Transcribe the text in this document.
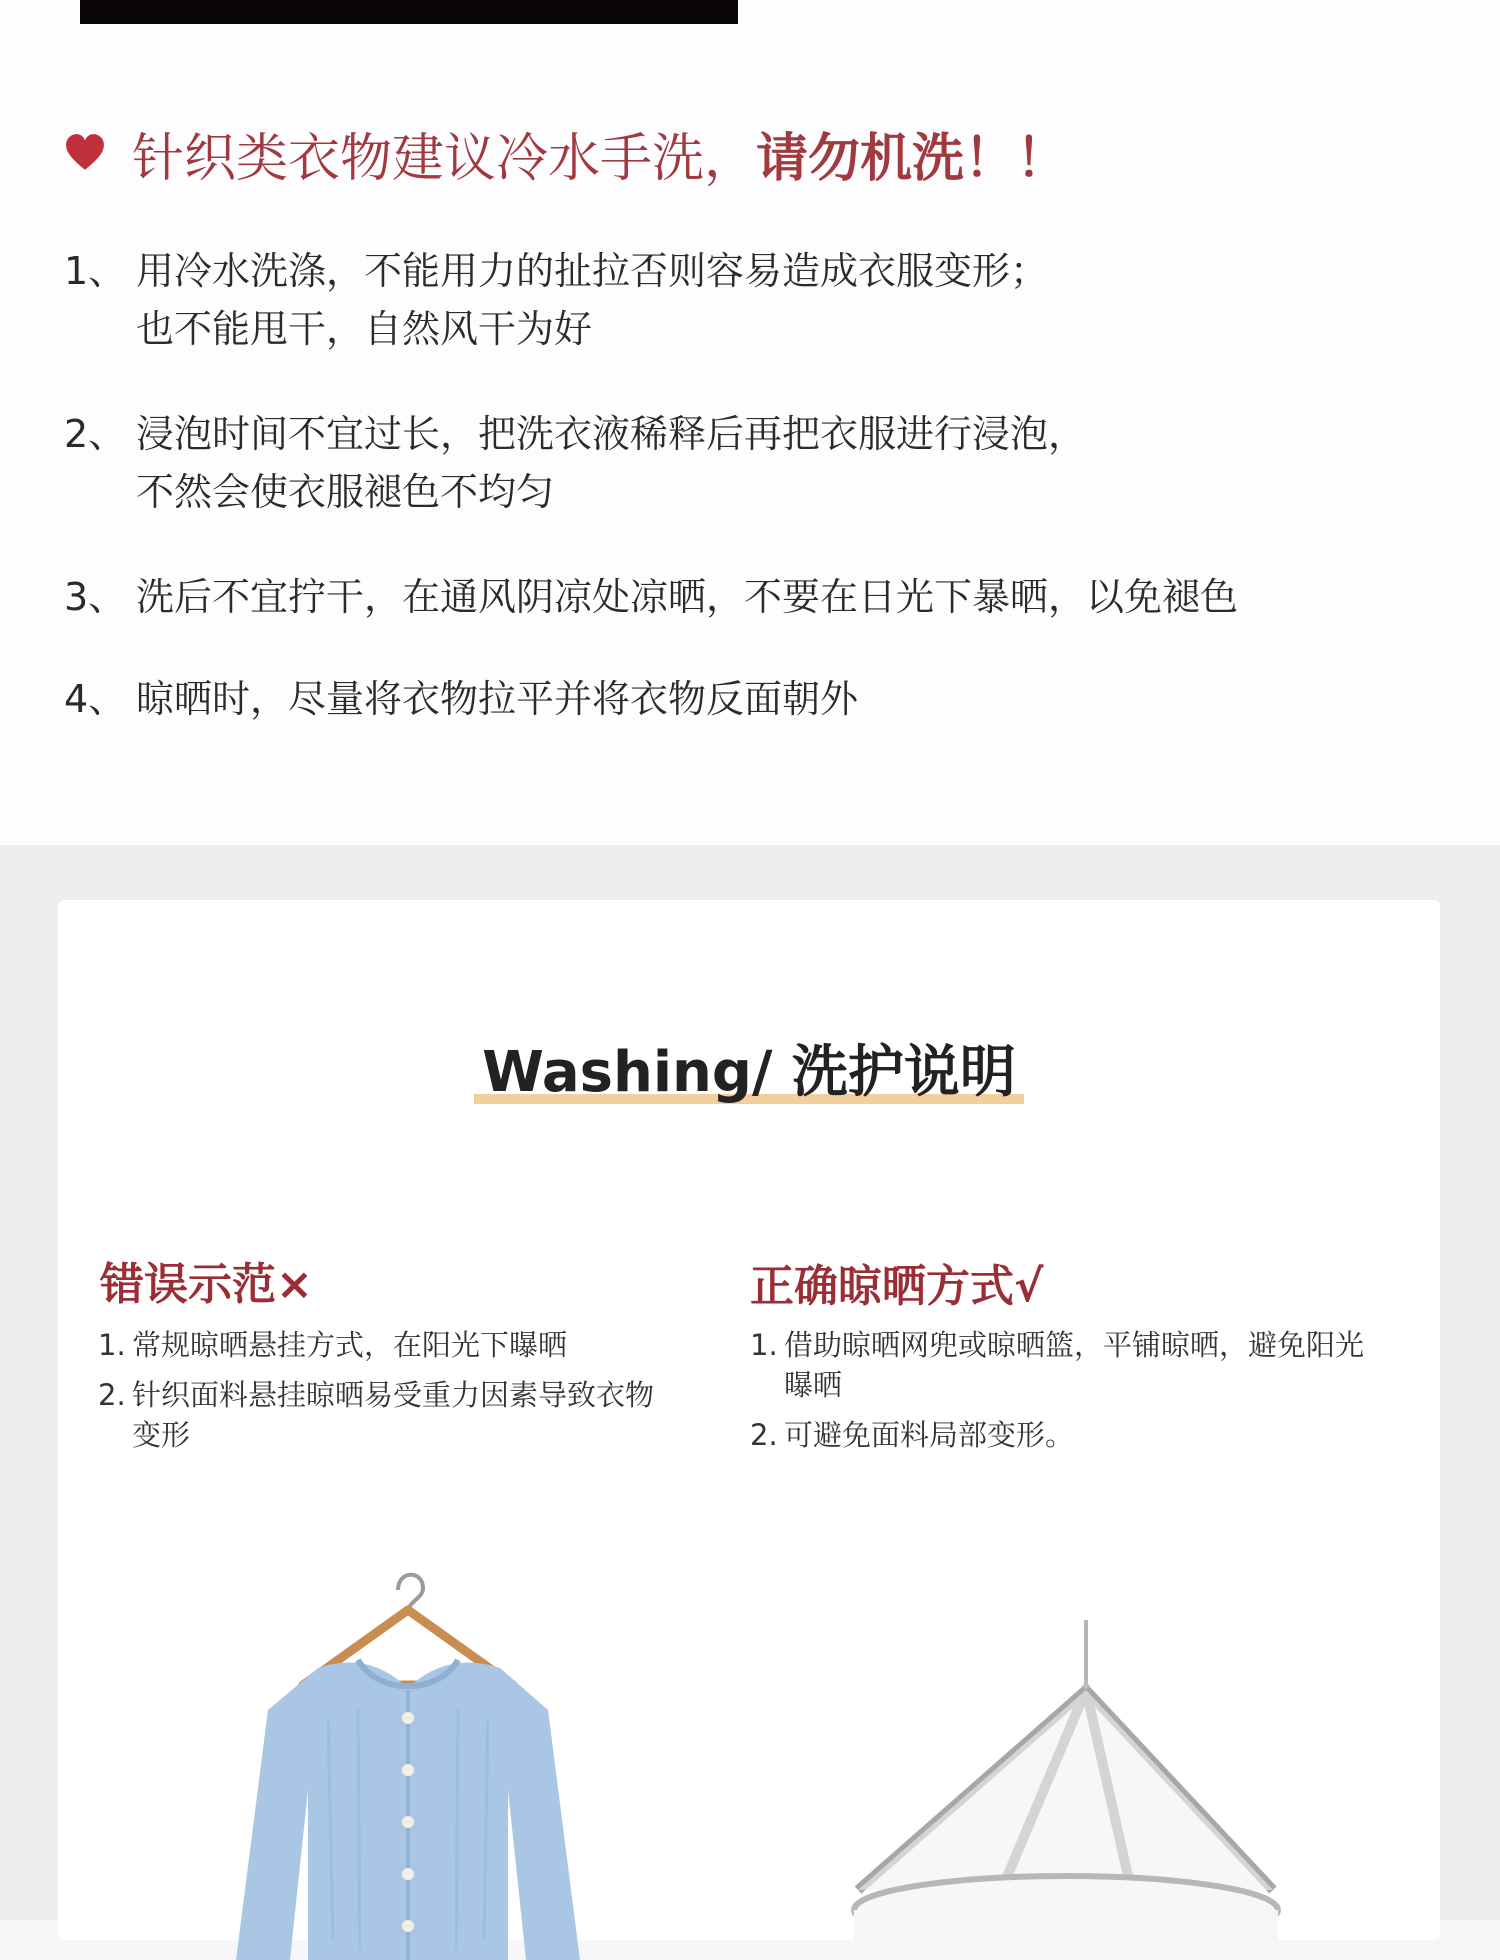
针织类衣物建议冷水手洗， 请勿机洗！！
1、 用冷水洗涤，不能用力的扯拉否则容易造成衣服变形；
也不能甩干，自然风干为好
2、 浸泡时间不宜过长，把洗衣液稀释后再把衣服进行浸泡，
不然会使衣服褪色不均匀
3、 洗后不宜拧干，在通风阴凉处凉晒，不要在日光下暴晒，以免褪色
4、 晾晒时，尽量将衣物拉平并将衣物反面朝外
Washing/ 洗护说明
错误示范×
1. 常规晾晒悬挂方式，在阳光下曝晒
2. 针织面料悬挂晾晒易受重力因素导致衣物变形
正确晾晒方式√
1. 借助晾晒网兜或晾晒篮，平铺晾晒，避免阳光曝晒
2. 可避免面料局部变形。
